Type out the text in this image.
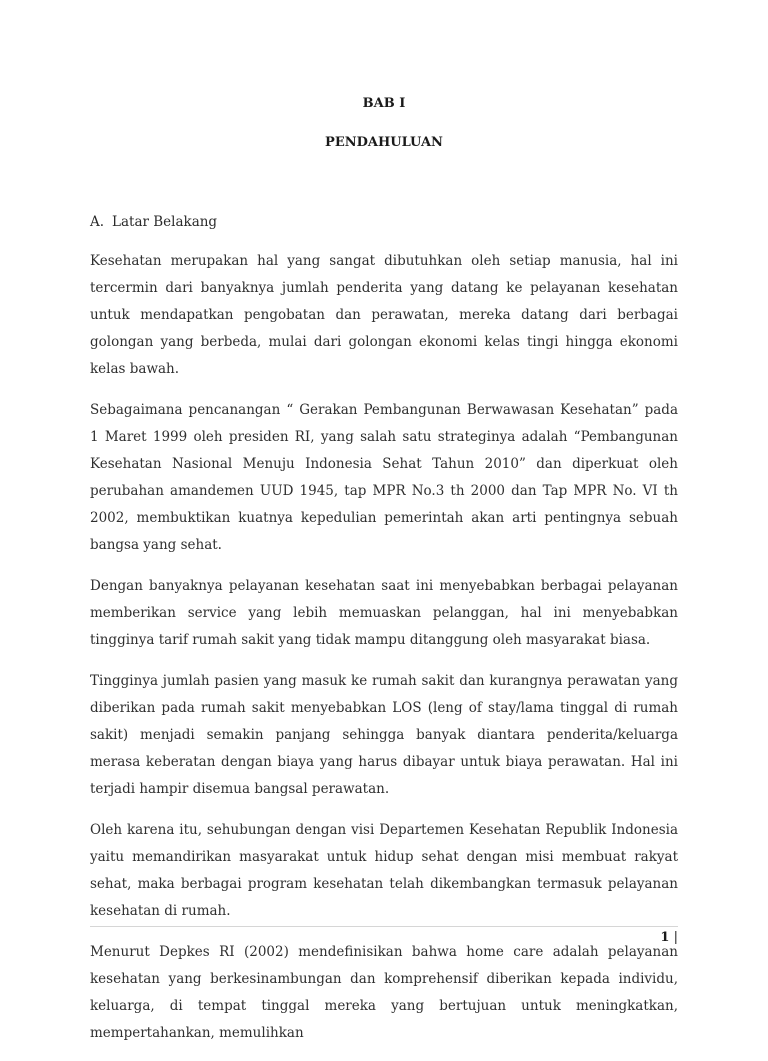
BAB I
PENDAHULUAN
A. Latar Belakang

Kesehatan merupakan hal yang sangat dibutuhkan oleh setiap manusia, hal ini tercermin dari banyaknya jumlah penderita yang datang ke pelayanan kesehatan untuk mendapatkan pengobatan dan perawatan, mereka datang dari berbagai golongan yang berbeda, mulai dari golongan ekonomi kelas tingi hingga ekonomi kelas bawah.

Sebagaimana pencanangan “ Gerakan Pembangunan Berwawasan Kesehatan” pada 1 Maret 1999 oleh presiden RI, yang salah satu strateginya adalah “Pembangunan Kesehatan Nasional Menuju Indonesia Sehat Tahun 2010” dan diperkuat oleh perubahan amandemen UUD 1945, tap MPR No.3 th 2000 dan Tap MPR No. VI th 2002, membuktikan kuatnya kepedulian pemerintah akan arti pentingnya sebuah bangsa yang sehat.

Dengan banyaknya pelayanan kesehatan saat ini menyebabkan berbagai pelayanan memberikan service yang lebih memuaskan pelanggan, hal ini menyebabkan tingginya tarif rumah sakit yang tidak mampu ditanggung oleh masyarakat biasa.

Tingginya jumlah pasien yang masuk ke rumah sakit dan kurangnya perawatan yang diberikan pada rumah sakit menyebabkan LOS (leng of stay/lama tinggal di rumah sakit) menjadi semakin panjang sehingga banyak diantara penderita/keluarga merasa keberatan dengan biaya yang harus dibayar untuk biaya perawatan. Hal ini terjadi hampir disemua bangsal perawatan.

Oleh karena itu, sehubungan dengan visi Departemen Kesehatan Republik Indonesia yaitu memandirikan masyarakat untuk hidup sehat dengan misi membuat rakyat sehat, maka berbagai program kesehatan telah dikembangkan termasuk pelayanan kesehatan di rumah.

Menurut Depkes RI (2002) mendefinisikan bahwa home care adalah pelayanan kesehatan yang berkesinambungan dan komprehensif diberikan kepada individu, keluarga, di tempat tinggal mereka yang bertujuan untuk meningkatkan, mempertahankan, memulihkan

1 |
